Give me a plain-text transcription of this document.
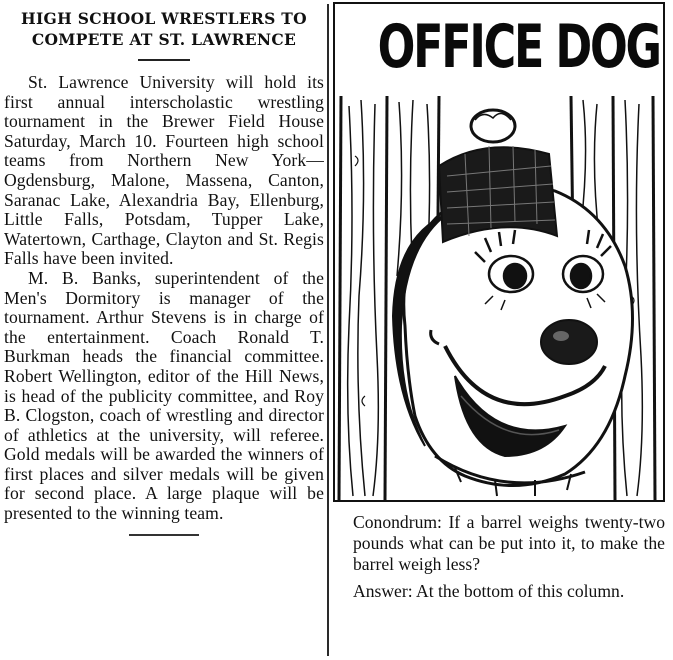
HIGH SCHOOL WRESTLERS TO
COMPETE AT ST. LAWRENCE

St. Lawrence University will hold its first annual interscholastic wrestling tournament in the Brewer Field House Saturday, March 10. Fourteen high school teams from Northern New York—Ogdensburg, Malone, Massena, Canton, Saranac Lake, Alexandria Bay, Ellenburg, Little Falls, Potsdam, Tupper Lake, Watertown, Carthage, Clayton and St. Regis Falls have been invited.

M. B. Banks, superintendent of the Men's Dormitory is manager of the tournament. Arthur Stevens is in charge of the entertainment. Coach Ronald T. Burkman heads the financial committee. Robert Wellington, editor of the Hill News, is head of the publicity committee, and Roy B. Clogston, coach of wrestling and director of athletics at the university, will referee. Gold medals will be awarded the winners of first places and silver medals will be given for second place. A large plaque will be presented to the winning team.

OFFICE DOG

Conondrum: If a barrel weighs twenty-two pounds what can be put into it, to make the barrel weigh less?

Answer: At the bottom of this column.
